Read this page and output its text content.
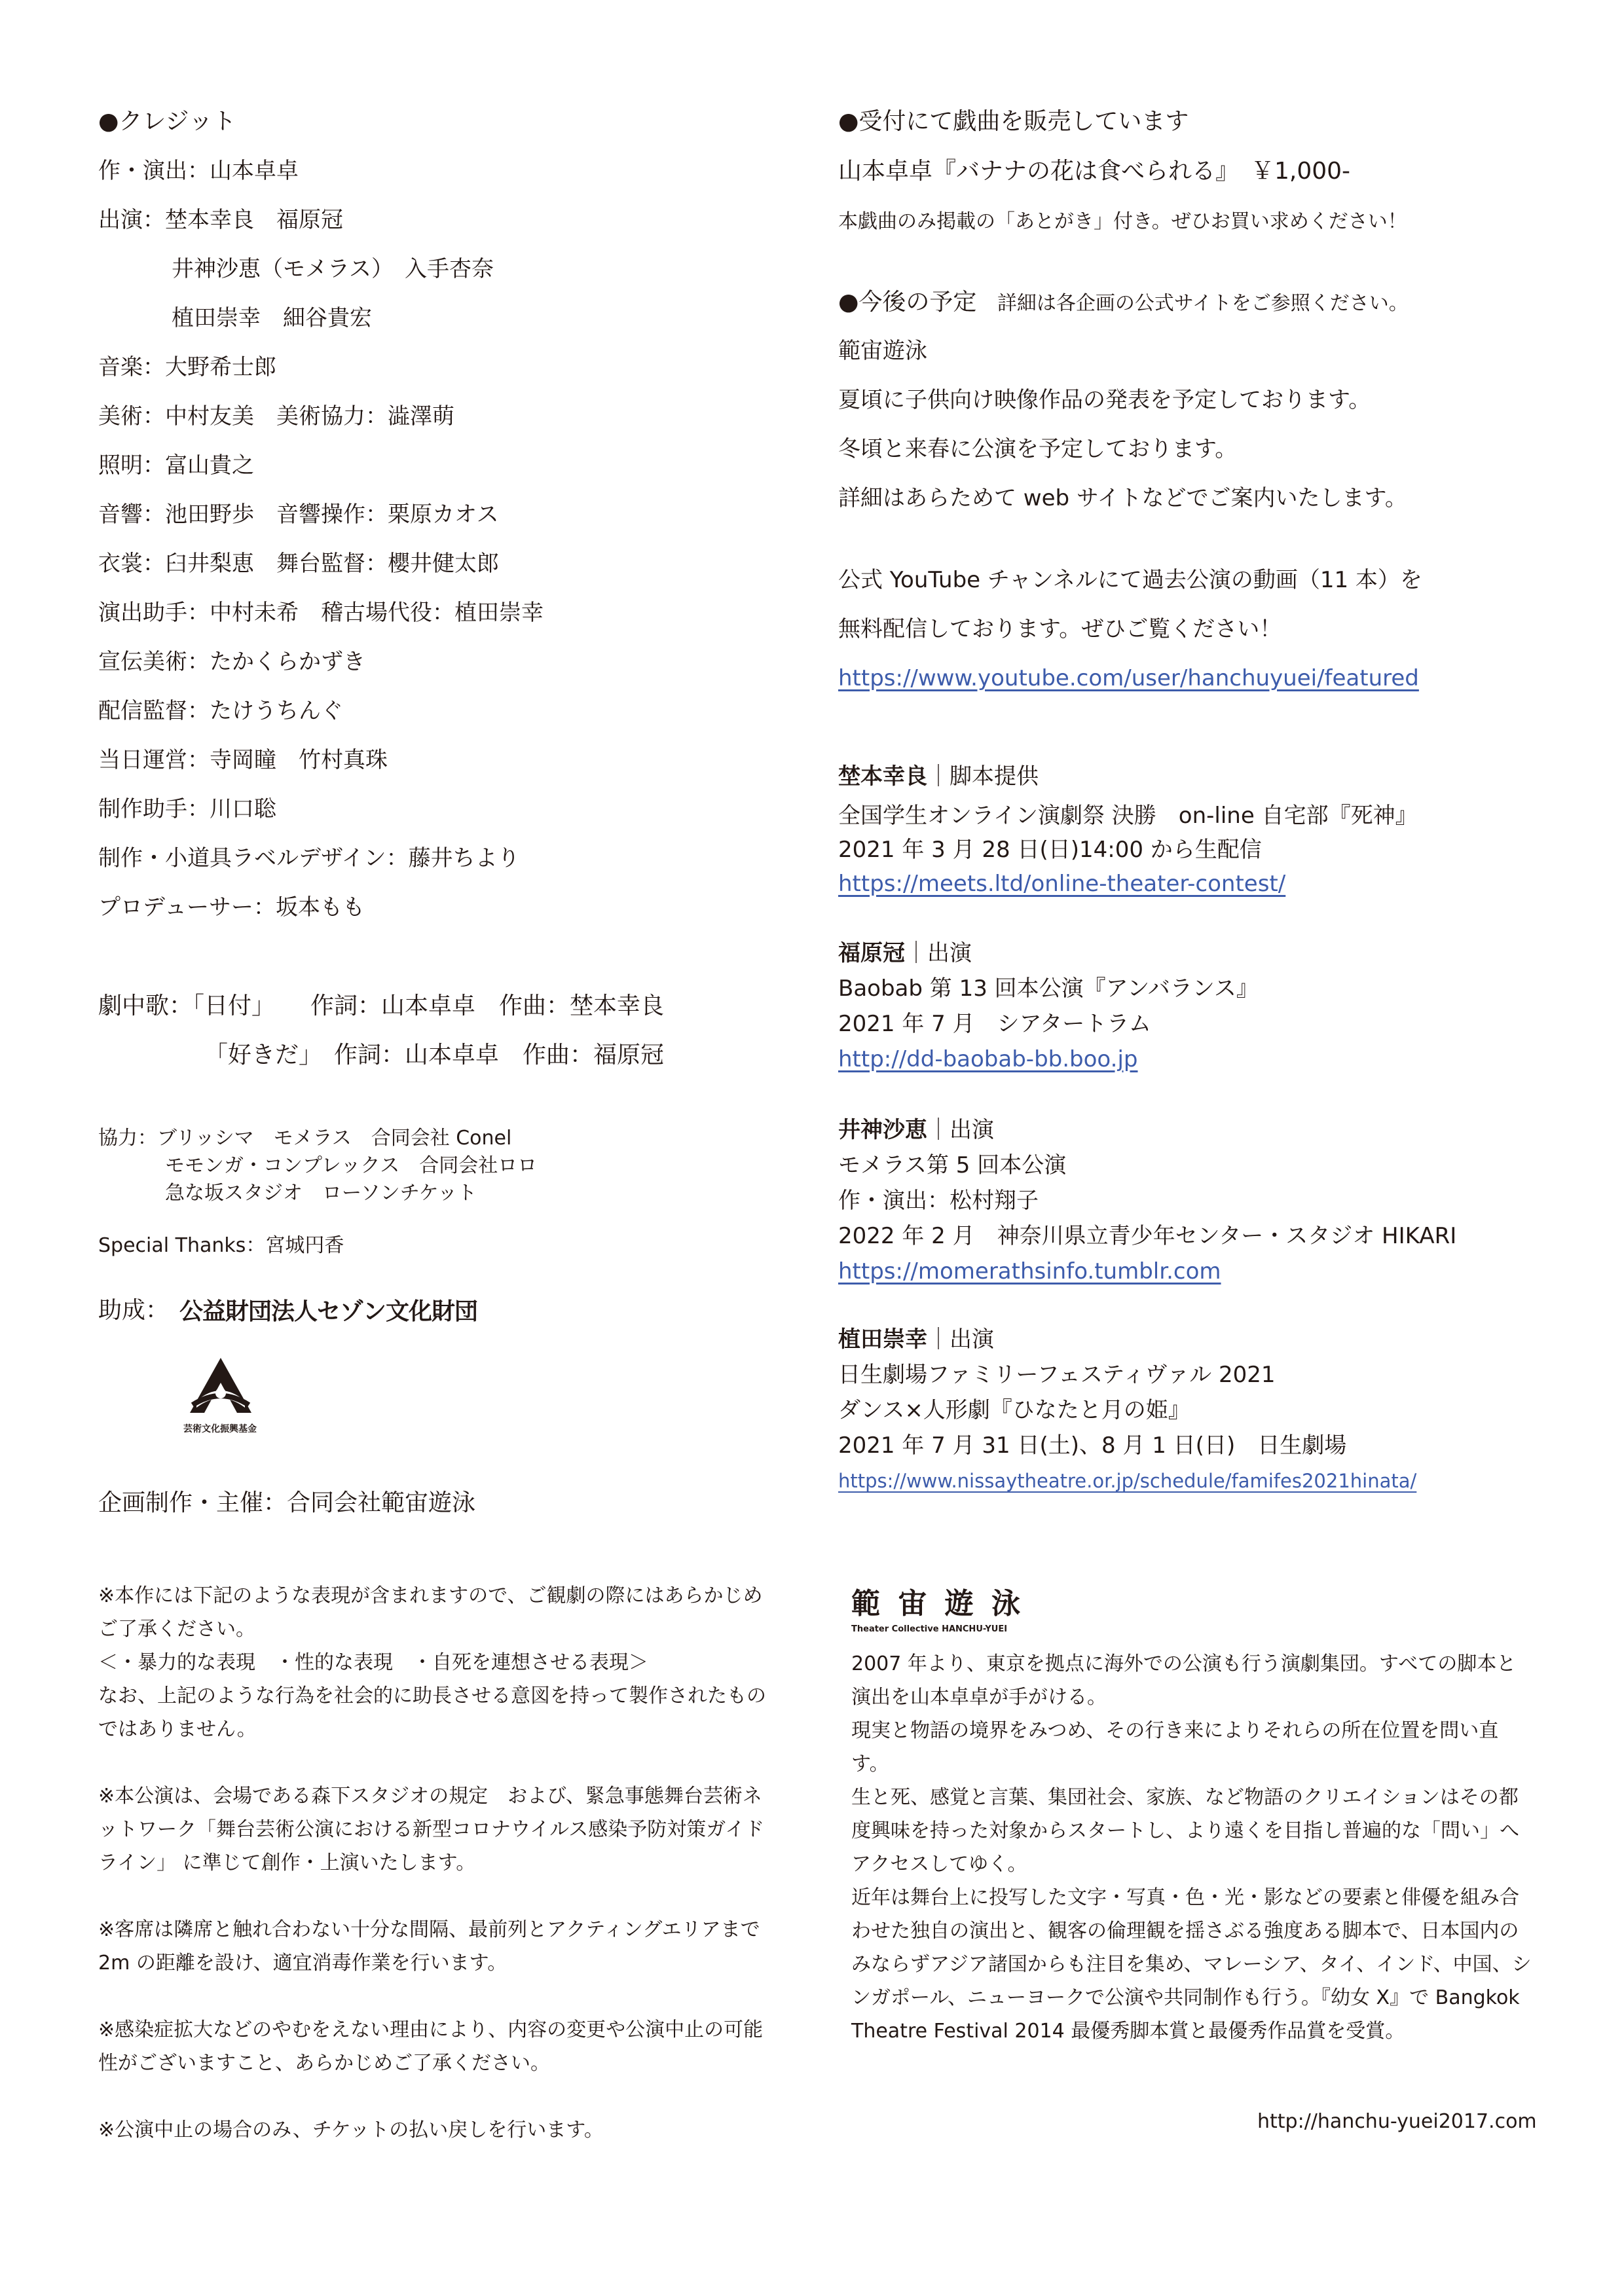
●クレジット
作・演出：山本卓卓
出演：埜本幸良　福原冠
井神沙恵（モメラス）　入手杏奈
植田崇幸　細谷貴宏
音楽：大野希士郎
美術：中村友美　美術協力：澁澤萌
照明：富山貴之
音響：池田野歩　音響操作：栗原カオス
衣裳：臼井梨恵　舞台監督：櫻井健太郎
演出助手：中村未希　稽古場代役：植田崇幸
宣伝美術：たかくらかずき
配信監督：たけうちんぐ
当日運営：寺岡瞳　竹村真珠
制作助手：川口聡
制作・小道具ラベルデザイン：藤井ちより
プロデューサー：坂本もも
劇中歌：「日付」　　作詞：山本卓卓　作曲：埜本幸良
「好きだ」　作詞：山本卓卓　作曲：福原冠
協力：ブリッシマ　モメラス　合同会社 Conel
モモンガ・コンプレックス　合同会社ロロ
急な坂スタジオ　ローソンチケット
Special Thanks：宮城円香
助成： 公益財団法人セゾン文化財団
芸術文化振興基金
企画制作・主催：合同会社範宙遊泳
※本作には下記のような表現が含まれますので、ご観劇の際にはあらかじめご了承ください。
＜・暴力的な表現　・性的な表現　・自死を連想させる表現＞
なお、上記のような行為を社会的に助長させる意図を持って製作されたものではありません。
※本公演は、会場である森下スタジオの規定　および、緊急事態舞台芸術ネットワーク「舞台芸術公演における新型コロナウイルス感染予防対策ガイドライン」 に準じて創作・上演いたします。
※客席は隣席と触れ合わない十分な間隔、最前列とアクティングエリアまで 2m の距離を設け、適宜消毒作業を行います。
※感染症拡大などのやむをえない理由により、内容の変更や公演中止の可能性がございますこと、あらかじめご了承ください。
※公演中止の場合のみ、チケットの払い戻しを行います。
●受付にて戯曲を販売しています
山本卓卓『バナナの花は食べられる』　￥1,000-
本戯曲のみ掲載の「あとがき」付き。ぜひお買い求めください！
●今後の予定 詳細は各企画の公式サイトをご参照ください。
範宙遊泳
夏頃に子供向け映像作品の発表を予定しております。
冬頃と来春に公演を予定しております。
詳細はあらためて web サイトなどでご案内いたします。
公式 YouTube チャンネルにて過去公演の動画（11 本）を
無料配信しております。ぜひご覧ください！
https://www.youtube.com/user/hanchuyuei/featured
埜本幸良｜脚本提供
全国学生オンライン演劇祭 決勝　on-line 自宅部『死神』
2021 年 3 月 28 日(日)14:00 から生配信
https://meets.ltd/online-theater-contest/
福原冠｜出演
Baobab 第 13 回本公演『アンバランス』
2021 年 7 月　シアタートラム
http://dd-baobab-bb.boo.jp
井神沙恵｜出演
モメラス第 5 回本公演
作・演出：松村翔子
2022 年 2 月　神奈川県立青少年センター・スタジオ HIKARI
https://momerathsinfo.tumblr.com
植田崇幸｜出演
日生劇場ファミリーフェスティヴァル 2021
ダンス×人形劇『ひなたと月の姫』
2021 年 7 月 31 日(土)、8 月 1 日(日)　日生劇場
https://www.nissaytheatre.or.jp/schedule/famifes2021hinata/
範 宙 遊 泳
Theater Collective HANCHU-YUEI
2007 年より、東京を拠点に海外での公演も行う演劇集団。すべての脚本と演出を山本卓卓が手がける。
現実と物語の境界をみつめ、その行き来によりそれらの所在位置を問い直す。
生と死、感覚と言葉、集団社会、家族、など物語のクリエイションはその都度興味を持った対象からスタートし、より遠くを目指し普遍的な「問い」へアクセスしてゆく。
近年は舞台上に投写した文字・写真・色・光・影などの要素と俳優を組み合わせた独自の演出と、観客の倫理観を揺さぶる強度ある脚本で、日本国内のみならずアジア諸国からも注目を集め、マレーシア、タイ、インド、中国、シンガポール、ニューヨークで公演や共同制作も行う。『幼女 X』で Bangkok Theatre Festival 2014 最優秀脚本賞と最優秀作品賞を受賞。
http://hanchu-yuei2017.com
